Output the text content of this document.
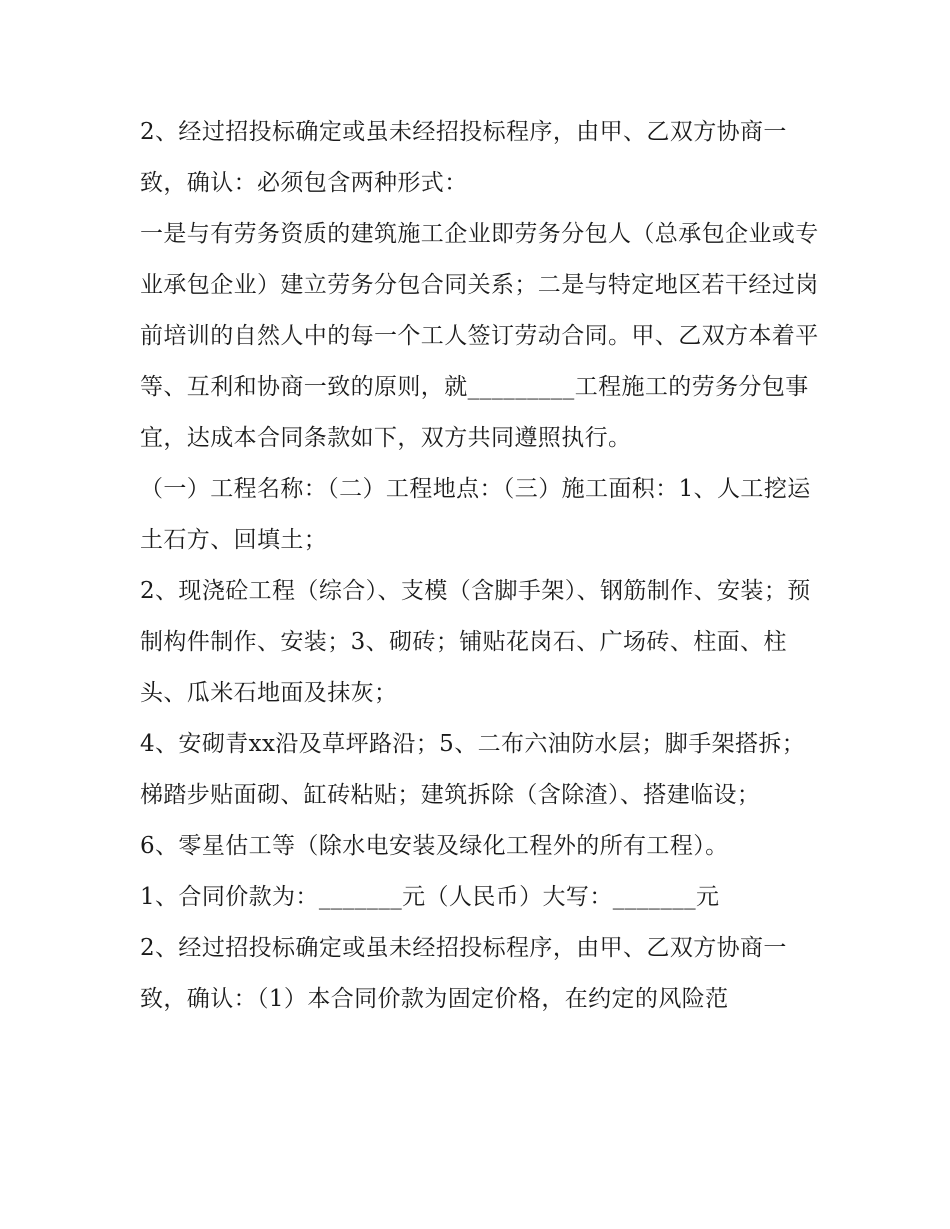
2、经过招投标确定或虽未经招投标程序，由甲、乙双方协商一致，确认：必须包含两种形式：

一是与有劳务资质的建筑施工企业即劳务分包人（总承包企业或专业承包企业）建立劳务分包合同关系；二是与特定地区若干经过岗前培训的自然人中的每一个工人签订劳动合同。甲、乙双方本着平等、互利和协商一致的原则，就_________工程施工的劳务分包事宜，达成本合同条款如下，双方共同遵照执行。

（一）工程名称：（二）工程地点：（三）施工面积：1、人工挖运土石方、回填土；

2、现浇砼工程（综合）、支模（含脚手架）、钢筋制作、安装；预制构件制作、安装；3、砌砖；铺贴花岗石、广场砖、柱面、柱头、瓜米石地面及抹灰；

4、安砌青xx沿及草坪路沿；5、二布六油防水层；脚手架搭拆；梯踏步贴面砌、缸砖粘贴；建筑拆除（含除渣）、搭建临设；

6、零星估工等（除水电安装及绿化工程外的所有工程）。

1、合同价款为：_______元（人民币）大写：_______元

2、经过招投标确定或虽未经招投标程序，由甲、乙双方协商一致，确认：（1）本合同价款为固定价格，在约定的风险范
